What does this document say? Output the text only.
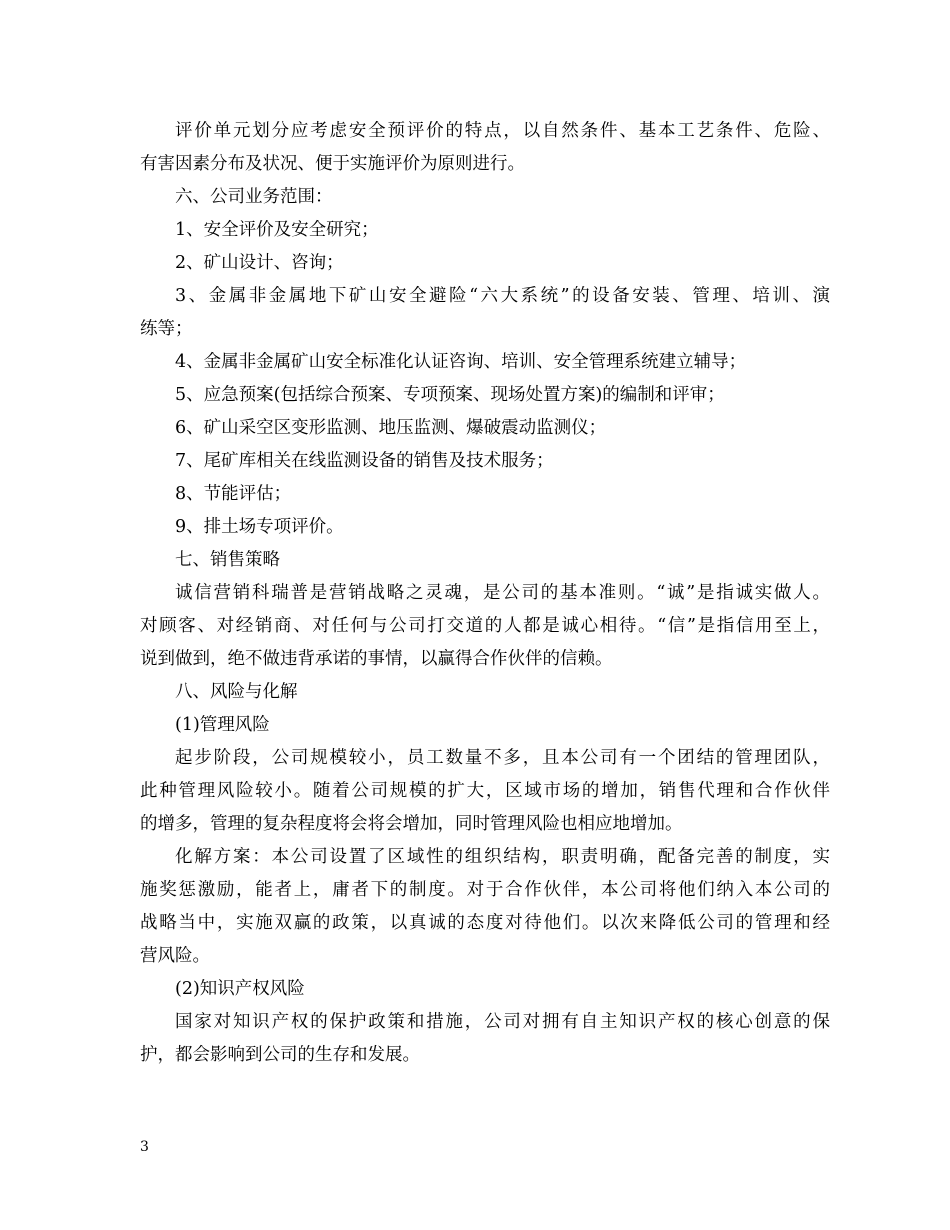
评价单元划分应考虑安全预评价的特点，以自然条件、基本工艺条件、危险、
有害因素分布及状况、便于实施评价为原则进行。
六、公司业务范围：
1、安全评价及安全研究；
2、矿山设计、咨询；
3、金属非金属地下矿山安全避险“六大系统”的设备安装、管理、培训、演
练等；
4、金属非金属矿山安全标准化认证咨询、培训、安全管理系统建立辅导；
5、应急预案(包括综合预案、专项预案、现场处置方案)的编制和评审；
6、矿山采空区变形监测、地压监测、爆破震动监测仪；
7、尾矿库相关在线监测设备的销售及技术服务；
8、节能评估；
9、排土场专项评价。
七、销售策略
诚信营销科瑞普是营销战略之灵魂，是公司的基本准则。“诚”是指诚实做人。
对顾客、对经销商、对任何与公司打交道的人都是诚心相待。“信”是指信用至上，
说到做到，绝不做违背承诺的事情，以赢得合作伙伴的信赖。
八、风险与化解
(1)管理风险
起步阶段，公司规模较小，员工数量不多，且本公司有一个团结的管理团队，
此种管理风险较小。随着公司规模的扩大，区域市场的增加，销售代理和合作伙伴
的增多，管理的复杂程度将会将会增加，同时管理风险也相应地增加。
化解方案：本公司设置了区域性的组织结构，职责明确，配备完善的制度，实
施奖惩激励，能者上，庸者下的制度。对于合作伙伴，本公司将他们纳入本公司的
战略当中，实施双赢的政策，以真诚的态度对待他们。以次来降低公司的管理和经
营风险。
(2)知识产权风险
国家对知识产权的保护政策和措施，公司对拥有自主知识产权的核心创意的保
护，都会影响到公司的生存和发展。
3
